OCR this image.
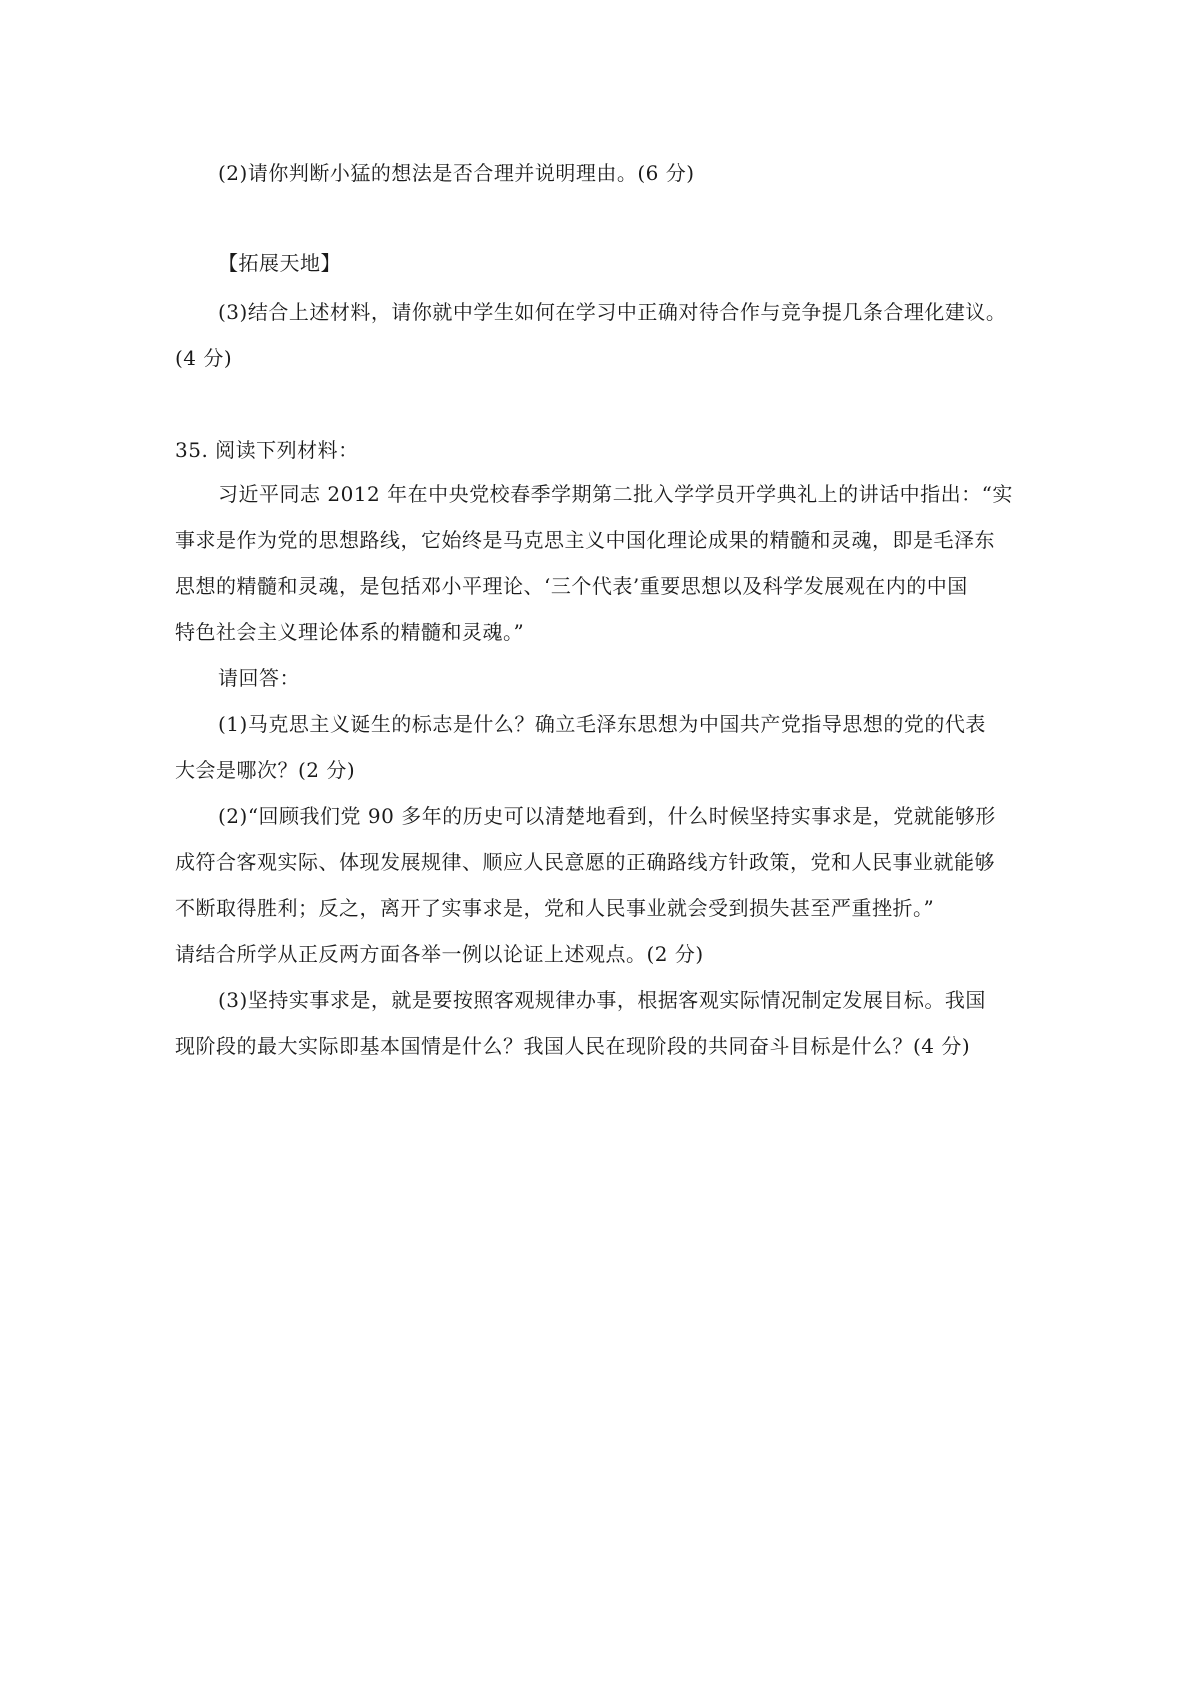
(2)请你判断小猛的想法是否合理并说明理由。(6 分)
【拓展天地】
(3)结合上述材料，请你就中学生如何在学习中正确对待合作与竞争提几条合理化建议。
(4 分)
35. 阅读下列材料：
习近平同志 2012 年在中央党校春季学期第二批入学学员开学典礼上的讲话中指出：“实
事求是作为党的思想路线，它始终是马克思主义中国化理论成果的精髓和灵魂，即是毛泽东
思想的精髓和灵魂，是包括邓小平理论、‘三个代表’重要思想以及科学发展观在内的中国
特色社会主义理论体系的精髓和灵魂。”
请回答：
(1)马克思主义诞生的标志是什么？确立毛泽东思想为中国共产党指导思想的党的代表
大会是哪次？(2 分)
(2)“回顾我们党 90 多年的历史可以清楚地看到，什么时候坚持实事求是，党就能够形
成符合客观实际、体现发展规律、顺应人民意愿的正确路线方针政策，党和人民事业就能够
不断取得胜利；反之，离开了实事求是，党和人民事业就会受到损失甚至严重挫折。”
请结合所学从正反两方面各举一例以论证上述观点。(2 分)
(3)坚持实事求是，就是要按照客观规律办事，根据客观实际情况制定发展目标。我国
现阶段的最大实际即基本国情是什么？我国人民在现阶段的共同奋斗目标是什么？(4 分)
